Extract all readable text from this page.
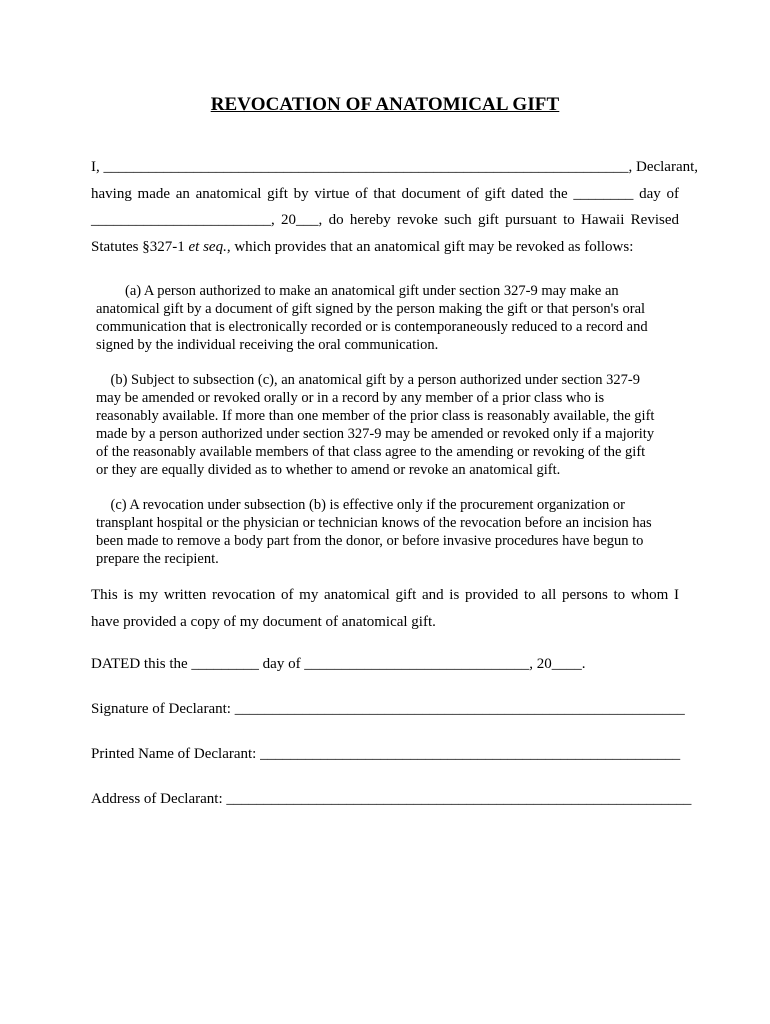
REVOCATION OF ANATOMICAL GIFT
I, ______________________________________________________________________, Declarant,
having made an anatomical gift by virtue of that document of gift dated the ________ day of
________________________, 20___, do hereby revoke such gift pursuant to Hawaii Revised
Statutes §327-1 et seq., which provides that an anatomical gift may be revoked as follows:
(a) A person authorized to make an anatomical gift under section 327-9 may make an
anatomical gift by a document of gift signed by the person making the gift or that person's oral
communication that is electronically recorded or is contemporaneously reduced to a record and
signed by the individual receiving the oral communication.
(b) Subject to subsection (c), an anatomical gift by a person authorized under section 327-9
may be amended or revoked orally or in a record by any member of a prior class who is
reasonably available. If more than one member of the prior class is reasonably available, the gift
made by a person authorized under section 327-9 may be amended or revoked only if a majority
of the reasonably available members of that class agree to the amending or revoking of the gift
or they are equally divided as to whether to amend or revoke an anatomical gift.
(c) A revocation under subsection (b) is effective only if the procurement organization or
transplant hospital or the physician or technician knows of the revocation before an incision has
been made to remove a body part from the donor, or before invasive procedures have begun to
prepare the recipient.
This is my written revocation of my anatomical gift and is provided to all persons to whom I
have provided a copy of my document of anatomical gift.
DATED this the _________ day of ______________________________, 20____.
Signature of Declarant: ____________________________________________________________
Printed Name of Declarant: ________________________________________________________
Address of Declarant: ______________________________________________________________
